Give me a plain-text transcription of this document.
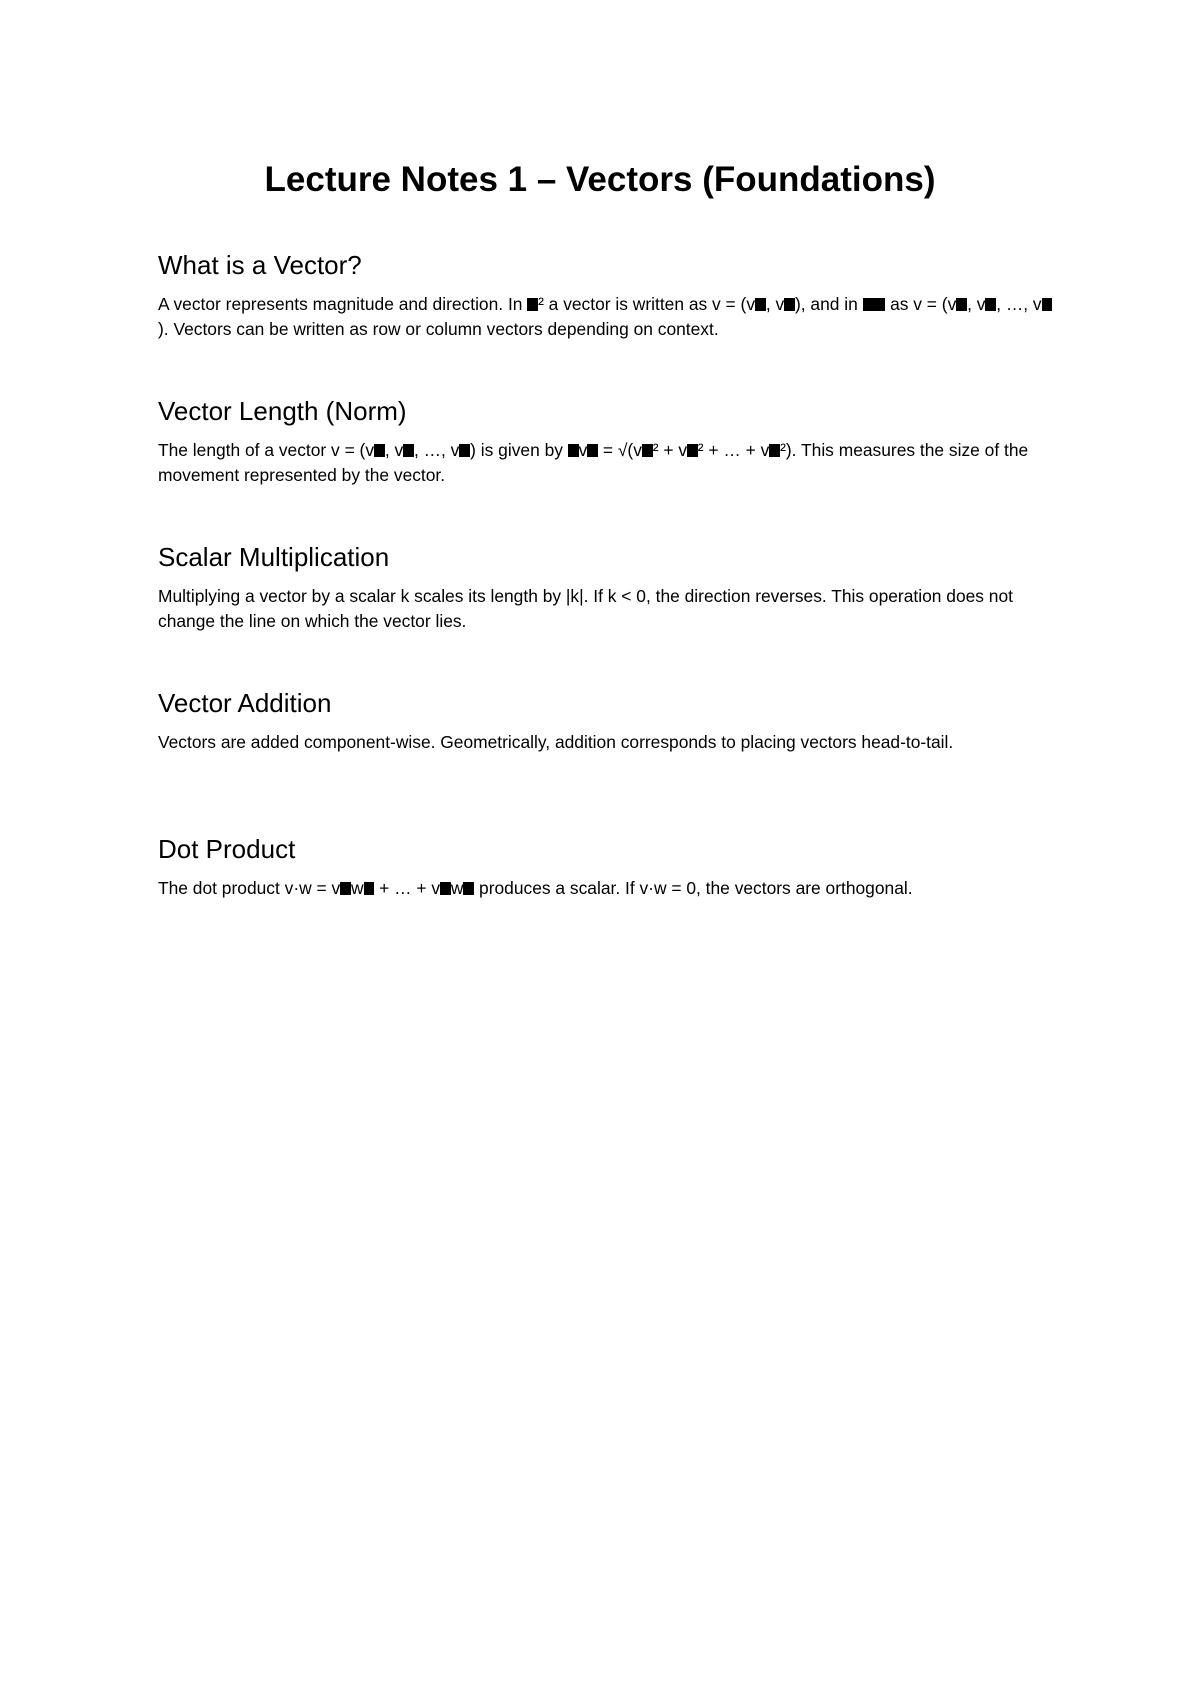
Lecture Notes 1 – Vectors (Foundations)
What is a Vector?

A vector represents magnitude and direction. In ² a vector is written as v = (v , v ), and in  as v = (v , v , …, v). Vectors can be written as row or column vectors depending on context.

Vector Length (Norm)

The length of a vector v = (v , v , …, v ) is given by v = √(v ² + v ² + … + v ²). This measures the size of the movement represented by the vector.

Scalar Multiplication

Multiplying a vector by a scalar k scales its length by |k|. If k < 0, the direction reverses. This operation does not change the line on which the vector lies.

Vector Addition

Vectors are added component-wise. Geometrically, addition corresponds to placing vectors head-to-tail.

Dot Product

The dot product v·w = v w + … + v w produces a scalar. If v·w = 0, the vectors are orthogonal.
